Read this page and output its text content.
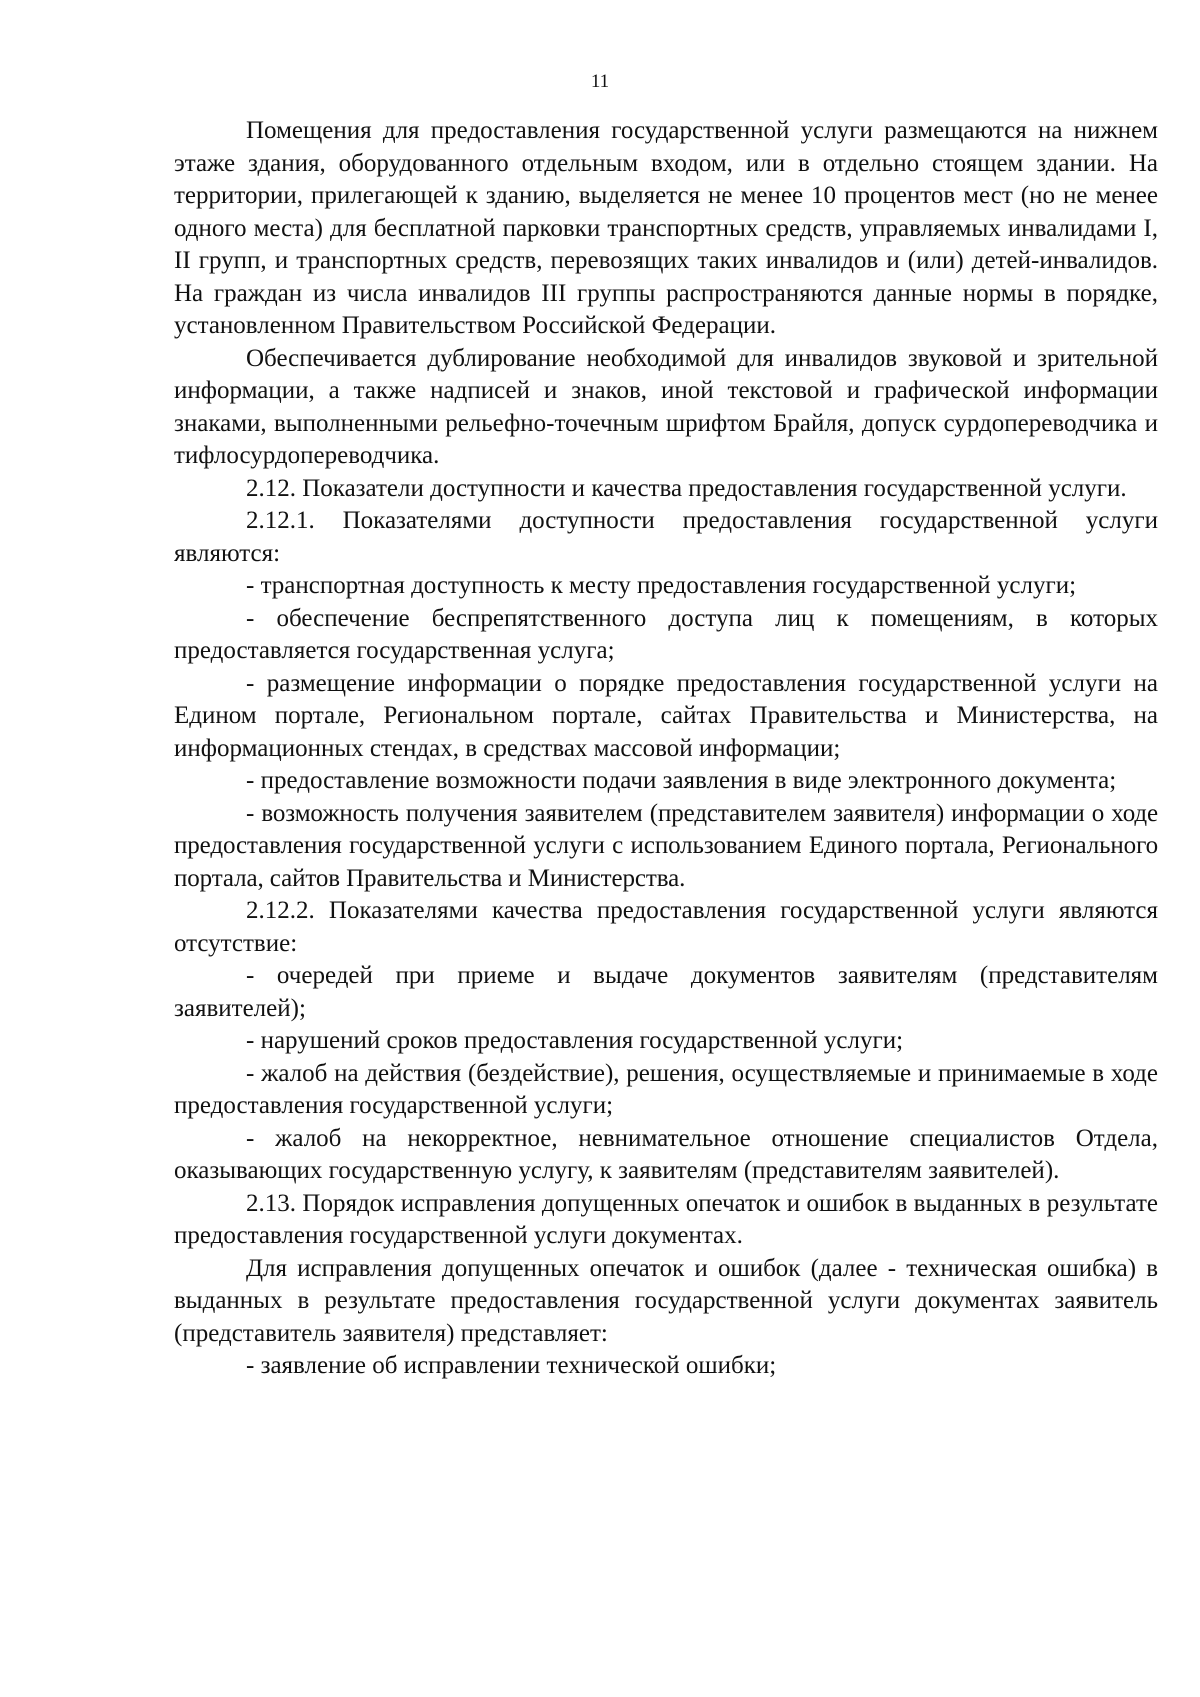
11

Помещения для предоставления государственной услуги размещаются на нижнем этаже здания, оборудованного отдельным входом, или в отдельно стоящем здании. На территории, прилегающей к зданию, выделяется не менее 10 процентов мест (но не менее одного места) для бесплатной парковки транспортных средств, управляемых инвалидами I, II групп, и транспортных средств, перевозящих таких инвалидов и (или) детей-инвалидов. На граждан из числа инвалидов III группы распространяются данные нормы в порядке, установленном Правительством Российской Федерации.

Обеспечивается дублирование необходимой для инвалидов звуковой и зрительной информации, а также надписей и знаков, иной текстовой и графической информации знаками, выполненными рельефно-точечным шрифтом Брайля, допуск сурдопереводчика и тифлосурдопереводчика.

2.12. Показатели доступности и качества предоставления государственной услуги.

2.12.1. Показателями доступности предоставления государственной услуги являются:

- транспортная доступность к месту предоставления государственной услуги;

- обеспечение беспрепятственного доступа лиц к помещениям, в которых предоставляется государственная услуга;

- размещение информации о порядке предоставления государственной услуги на Едином портале, Региональном портале, сайтах Правительства и Министерства, на информационных стендах, в средствах массовой информации;

- предоставление возможности подачи заявления в виде электронного документа;

- возможность получения заявителем (представителем заявителя) информации о ходе предоставления государственной услуги с использованием Единого портала, Регионального портала, сайтов Правительства и Министерства.

2.12.2. Показателями качества предоставления государственной услуги являются отсутствие:

- очередей при приеме и выдаче документов заявителям (представителям заявителей);

- нарушений сроков предоставления государственной услуги;

- жалоб на действия (бездействие), решения, осуществляемые и принимаемые в ходе предоставления государственной услуги;

- жалоб на некорректное, невнимательное отношение специалистов Отдела, оказывающих государственную услугу, к заявителям (представителям заявителей).

2.13. Порядок исправления допущенных опечаток и ошибок в выданных в результате предоставления государственной услуги документах.

Для исправления допущенных опечаток и ошибок (далее - техническая ошибка) в выданных в результате предоставления государственной услуги документах заявитель (представитель заявителя) представляет:

- заявление об исправлении технической ошибки;
